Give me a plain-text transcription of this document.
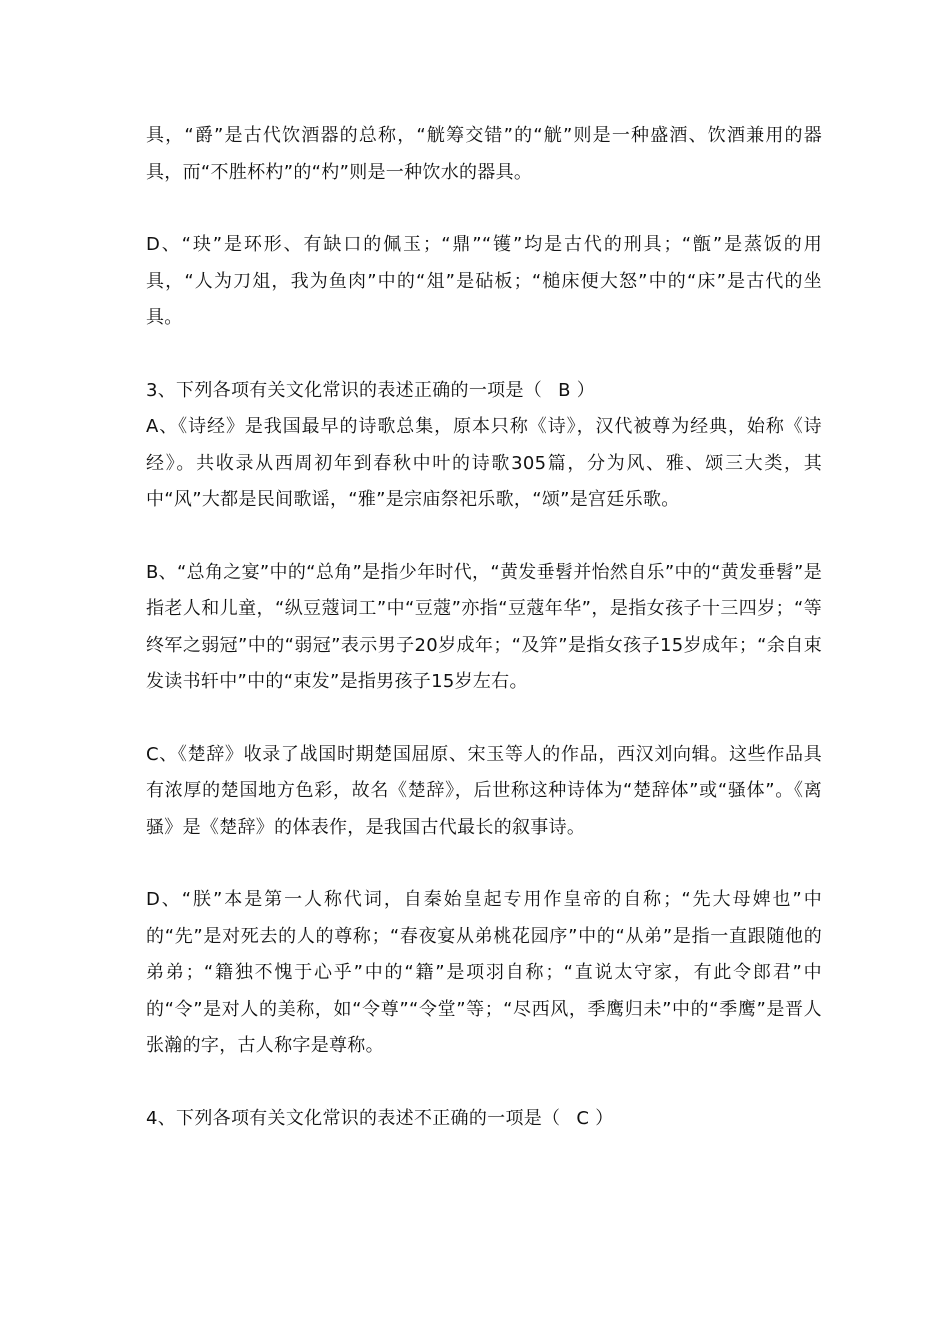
具，“爵”是古代饮酒器的总称，“觥筹交错”的“觥”则是一种盛酒、饮酒兼用的器具，而“不胜杯杓”的“杓”则是一种饮水的器具。

D、“玦”是环形、有缺口的佩玉；“鼎”“镬”均是古代的刑具；“甑”是蒸饭的用具，“人为刀俎，我为鱼肉”中的“俎”是砧板；“槌床便大怒”中的“床”是古代的坐具。

3、下列各项有关文化常识的表述正确的一项是（ B ）

A、《诗经》是我国最早的诗歌总集，原本只称《诗》，汉代被尊为经典，始称《诗经》。共收录从西周初年到春秋中叶的诗歌305篇，分为风、雅、颂三大类，其中“风”大都是民间歌谣，“雅”是宗庙祭祀乐歌，“颂”是宫廷乐歌。

B、“总角之宴”中的“总角”是指少年时代，“黄发垂髫并怡然自乐”中的“黄发垂髫”是指老人和儿童，“纵豆蔻词工”中“豆蔻”亦指“豆蔻年华”，是指女孩子十三四岁；“等终军之弱冠”中的“弱冠”表示男子20岁成年；“及笄”是指女孩子15岁成年；“余自束发读书轩中”中的“束发”是指男孩子15岁左右。

C、《楚辞》收录了战国时期楚国屈原、宋玉等人的作品，西汉刘向辑。这些作品具有浓厚的楚国地方色彩，故名《楚辞》，后世称这种诗体为“楚辞体”或“骚体”。《离骚》是《楚辞》的体表作，是我国古代最长的叙事诗。

D、“朕”本是第一人称代词，自秦始皇起专用作皇帝的自称；“先大母婢也”中的“先”是对死去的人的尊称；“春夜宴从弟桃花园序”中的“从弟”是指一直跟随他的弟弟；“籍独不愧于心乎”中的“籍”是项羽自称；“直说太守家，有此令郎君”中的“令”是对人的美称，如“令尊”“令堂”等；“尽西风，季鹰归未”中的“季鹰”是晋人张瀚的字，古人称字是尊称。

4、下列各项有关文化常识的表述不正确的一项是（ C ）
